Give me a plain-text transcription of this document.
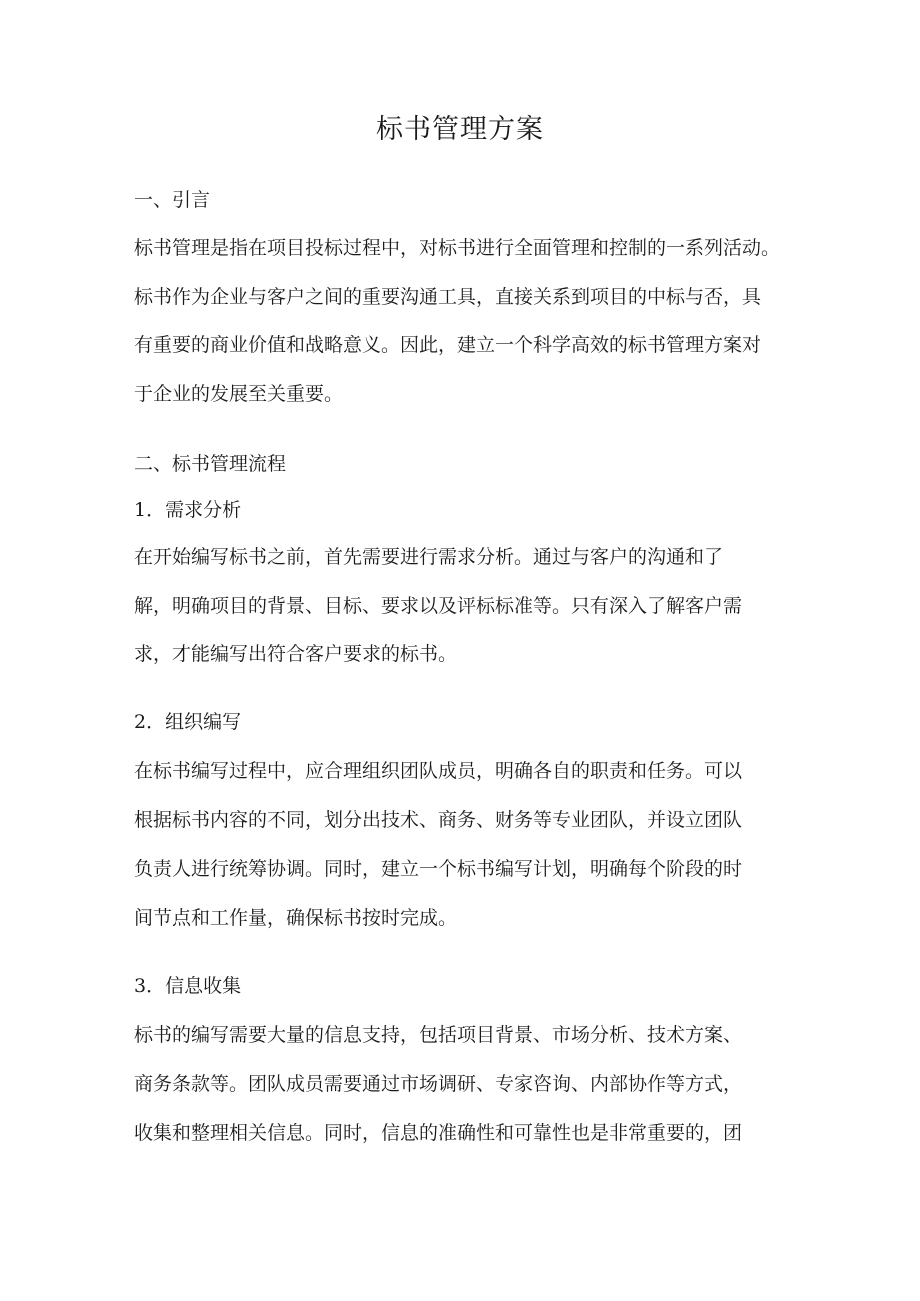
标书管理方案
一、引言
标书管理是指在项目投标过程中，对标书进行全面管理和控制的一系列活动。
标书作为企业与客户之间的重要沟通工具，直接关系到项目的中标与否，具
有重要的商业价值和战略意义。因此，建立一个科学高效的标书管理方案对
于企业的发展至关重要。
二、标书管理流程
1．需求分析
在开始编写标书之前，首先需要进行需求分析。通过与客户的沟通和了
解，明确项目的背景、目标、要求以及评标标准等。只有深入了解客户需
求，才能编写出符合客户要求的标书。
2．组织编写
在标书编写过程中，应合理组织团队成员，明确各自的职责和任务。可以
根据标书内容的不同，划分出技术、商务、财务等专业团队，并设立团队
负责人进行统筹协调。同时，建立一个标书编写计划，明确每个阶段的时
间节点和工作量，确保标书按时完成。
3．信息收集
标书的编写需要大量的信息支持，包括项目背景、市场分析、技术方案、
商务条款等。团队成员需要通过市场调研、专家咨询、内部协作等方式，
收集和整理相关信息。同时，信息的准确性和可靠性也是非常重要的，团
